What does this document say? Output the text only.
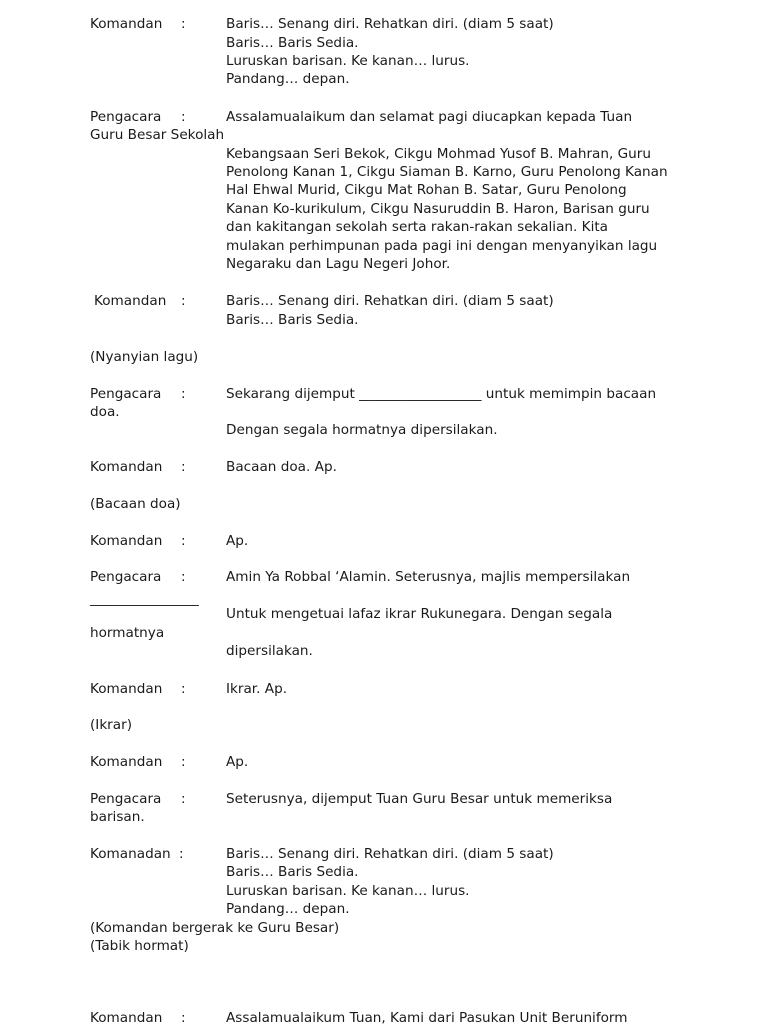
Komandan :	Baris… Senang diri. Rehatkan diri. (diam 5 saat)
Baris… Baris Sedia.
Luruskan barisan. Ke kanan… lurus.
Pandang… depan.
Pengacara :	Assalamualaikum dan selamat pagi diucapkan kepada Tuan
Guru Besar Sekolah
Kebangsaan Seri Bekok, Cikgu Mohmad Yusof B. Mahran, Guru
Penolong Kanan 1, Cikgu Siaman B. Karno, Guru Penolong Kanan
Hal Ehwal Murid, Cikgu Mat Rohan B. Satar, Guru Penolong
Kanan Ko-kurikulum, Cikgu Nasuruddin B. Haron, Barisan guru
dan kakitangan sekolah serta rakan-rakan sekalian. Kita
mulakan perhimpunan pada pagi ini dengan menyanyikan lagu
Negaraku dan Lagu Negeri Johor.
Komandan :	Baris… Senang diri. Rehatkan diri. (diam 5 saat)
Baris… Baris Sedia.
(Nyanyian lagu)
Pengacara :	Sekarang dijemput __________________ untuk memimpin bacaan
doa.
Dengan segala hormatnya dipersilakan.
Komandan :	Bacaan doa. Ap.
(Bacaan doa)
Komandan :	Ap.
Pengacara :	Amin Ya Robbal ‘Alamin. Seterusnya, majlis mempersilakan
________________
Untuk mengetuai lafaz ikrar Rukunegara. Dengan segala
hormatnya
dipersilakan.
Komandan :	Ikrar. Ap.
(Ikrar)
Komandan :	Ap.
Pengacara :	Seterusnya, dijemput Tuan Guru Besar untuk memeriksa
barisan.
Komanadan :	Baris… Senang diri. Rehatkan diri. (diam 5 saat)
Baris… Baris Sedia.
Luruskan barisan. Ke kanan… lurus.
Pandang… depan.
(Komandan bergerak ke Guru Besar)
(Tabik hormat)
Komandan :	Assalamualaikum Tuan, Kami dari Pasukan Unit Beruniform
